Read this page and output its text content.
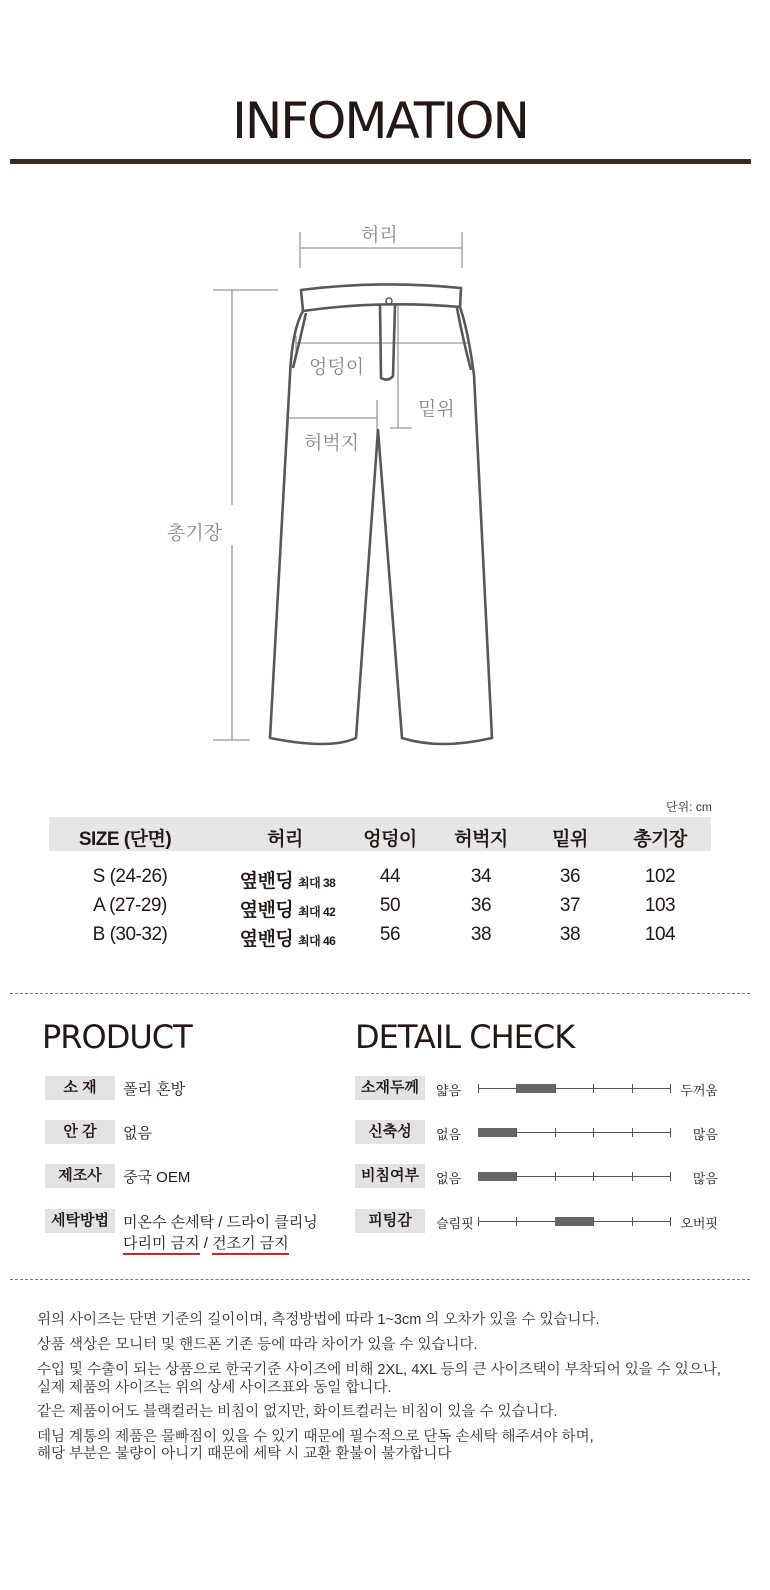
INFOMATION
허리
엉덩이
밑위
허벅지
총기장
단위: cm
SIZE (단면)	허리	엉덩이	허벅지	밑위	총기장
S (24-26)	옆밴딩 최대 38	44	34	36	102
A (27-29)	옆밴딩 최대 42	50	36	37	103
B (30-32)	옆밴딩 최대 46	56	38	38	104
PRODUCT
소 재	폴리 혼방
안 감	없음
제조사	중국 OEM
세탁방법 미온수 손세탁 / 드라이 클리닝
다리미 금지 / 건조기 금지
DETAIL CHECK
소재두께	얇음	두꺼움
신축성	없음	많음
비침여부	없음	많음
피팅감	슬림핏	오버핏
위의 사이즈는 단면 기준의 길이이며, 측정방법에 따라 1~3cm 의 오차가 있을 수 있습니다.
상품 색상은 모니터 및 핸드폰 기존 등에 따라 차이가 있을 수 있습니다.
수입 및 수출이 되는 상품으로 한국기준 사이즈에 비해 2XL, 4XL 등의 큰 사이즈택이 부착되어 있을 수 있으나,
실제 제품의 사이즈는 위의 상세 사이즈표와 동일 합니다.
같은 제품이어도 블랙컬러는 비침이 없지만, 화이트컬러는 비침이 있을 수 있습니다.
데님 계통의 제품은 물빠짐이 있을 수 있기 때문에 필수적으로 단독 손세탁 해주셔야 하며,
해당 부분은 불량이 아니기 때문에 세탁 시 교환 환불이 불가합니다
